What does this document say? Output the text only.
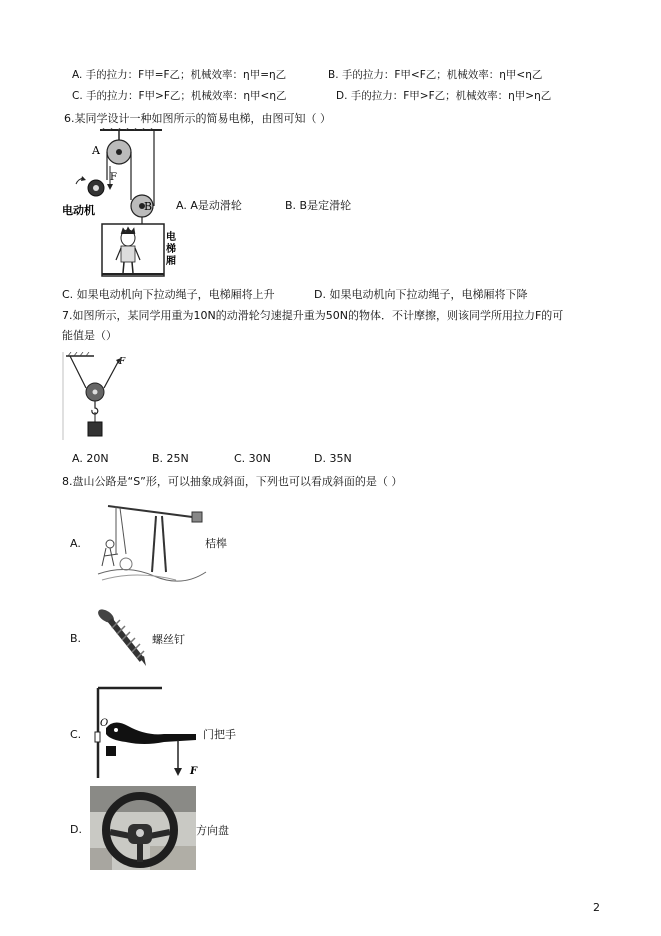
A. 手的拉力：F甲=F乙；机械效率：η甲=η乙	B. 手的拉力：F甲<F乙；机械效率：η甲<η乙
C. 手的拉力：F甲>F乙；机械效率：η甲<η乙	D. 手的拉力：F甲>F乙；机械效率：η甲>η乙
6.某同学设计一种如图所示的简易电梯，由图可知（ ）
A
F
B
电动机
电
梯
厢
A. A是动滑轮	B. B是定滑轮
C. 如果电动机向下拉动绳子，电梯厢将上升	D. 如果电动机向下拉动绳子，电梯厢将下降
7.如图所示，某同学用重为10N的动滑轮匀速提升重为50N的物体．不计摩擦，则该同学所用拉力F的可
能值是（）
F
A. 20N	B. 25N	C. 30N	D. 35N
8.盘山公路是“S”形，可以抽象成斜面，下列也可以看成斜面的是（ ）
A.	桔槔
B.	螺丝钉
C.
O
F
门把手
D.	方向盘
2
